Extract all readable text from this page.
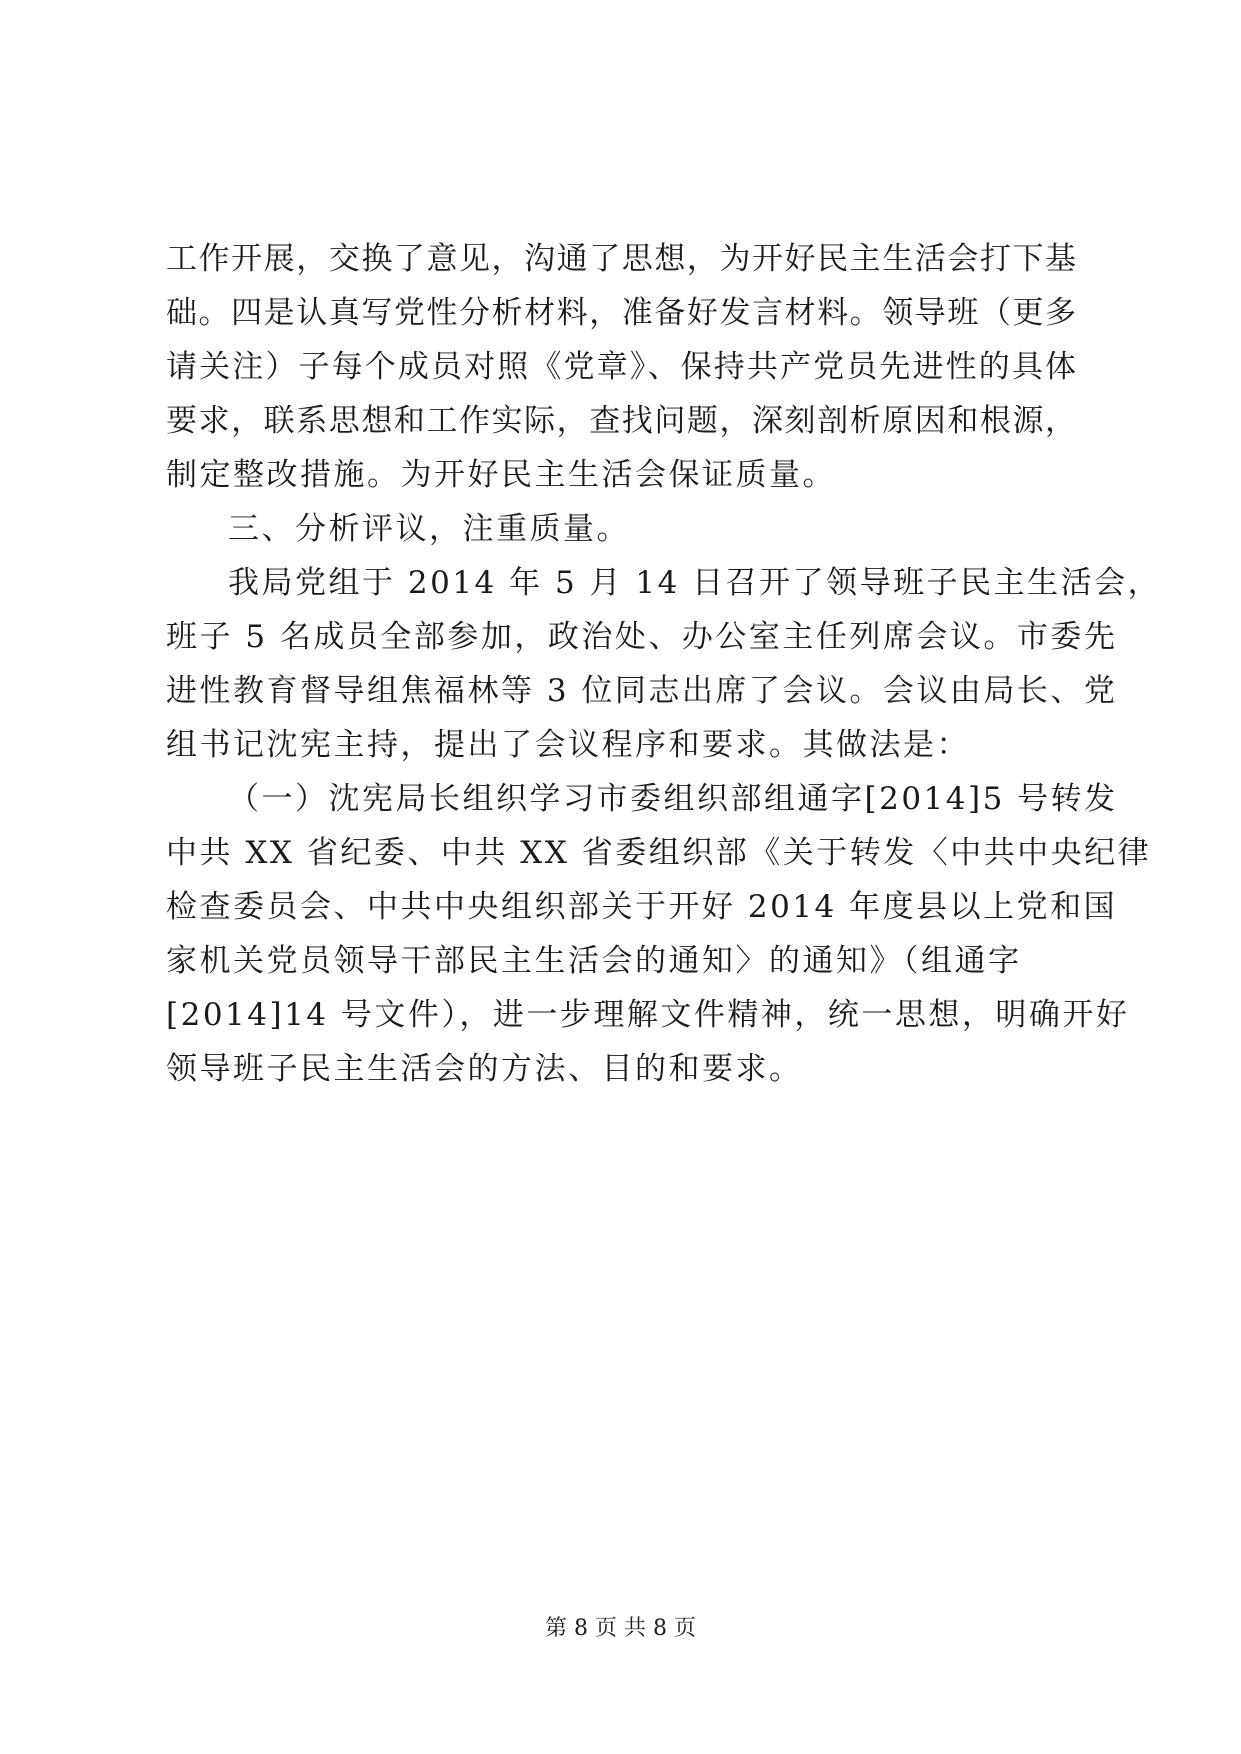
工作开展，交换了意见，沟通了思想，为开好民主生活会打下基
础。四是认真写党性分析材料，准备好发言材料。领导班（更多
请关注）子每个成员对照《党章》、保持共产党员先进性的具体
要求，联系思想和工作实际，查找问题，深刻剖析原因和根源，
制定整改措施。为开好民主生活会保证质量。
三、分析评议，注重质量。
我局党组于 2014 年 5 月 14 日召开了领导班子民主生活会，
班子 5 名成员全部参加，政治处、办公室主任列席会议。市委先
进性教育督导组焦福林等 3 位同志出席了会议。会议由局长、党
组书记沈宪主持，提出了会议程序和要求。其做法是：
（一）沈宪局长组织学习市委组织部组通字[2014]5 号转发
中共 XX 省纪委、中共 XX 省委组织部《关于转发〈中共中央纪律
检查委员会、中共中央组织部关于开好 2014 年度县以上党和国
家机关党员领导干部民主生活会的通知〉的通知》（组通字
[2014]14 号文件），进一步理解文件精神，统一思想，明确开好
领导班子民主生活会的方法、目的和要求。
第 8 页 共 8 页
